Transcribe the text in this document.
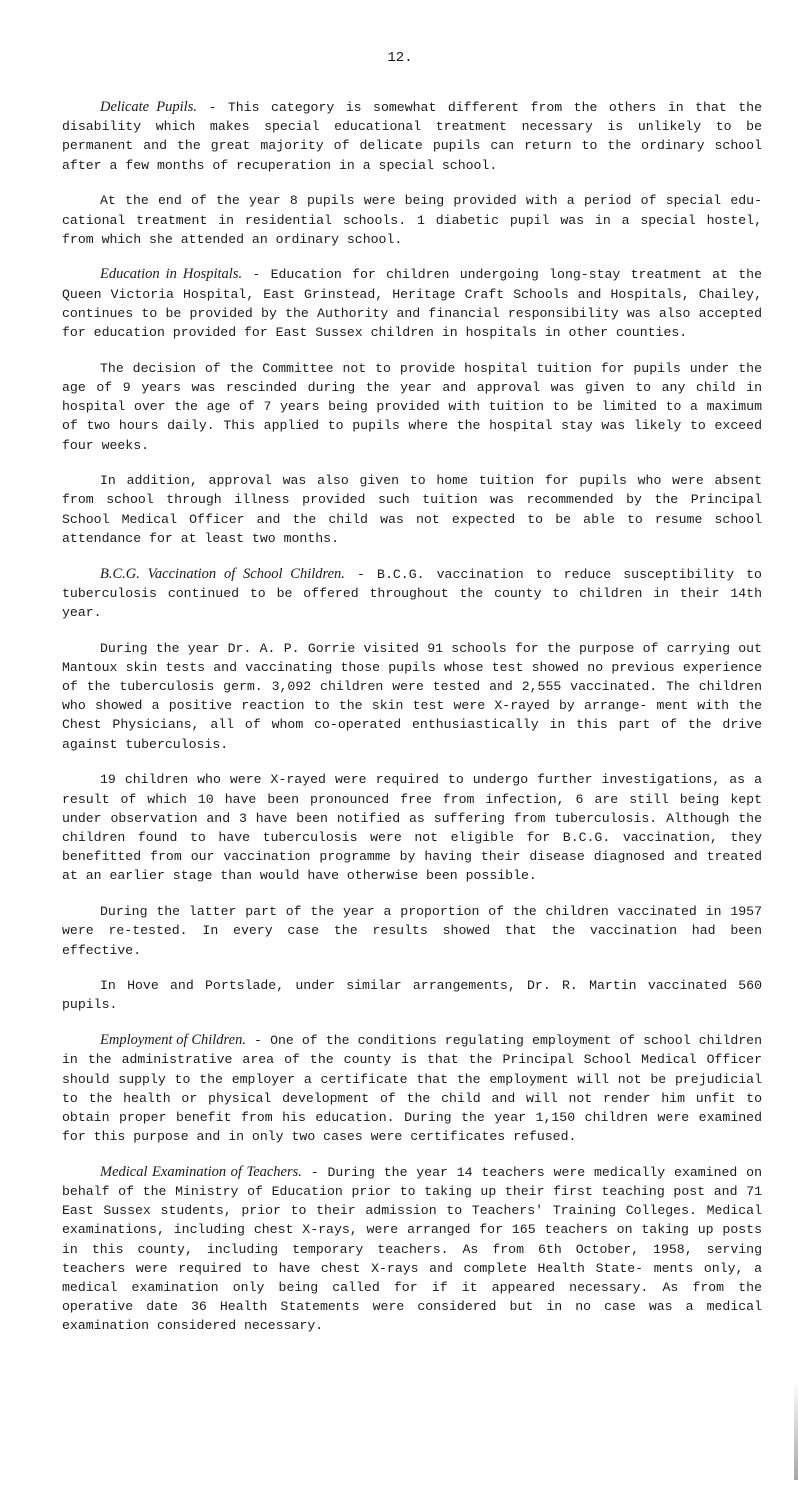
12.

Delicate Pupils. - This category is somewhat different from the others in that the disability which makes special educational treatment necessary is unlikely to be permanent and the great majority of delicate pupils can return to the ordinary school after a few months of recuperation in a special school.

At the end of the year 8 pupils were being provided with a period of special edu- cational treatment in residential schools. 1 diabetic pupil was in a special hostel, from which she attended an ordinary school.

Education in Hospitals. - Education for children undergoing long-stay treatment at the Queen Victoria Hospital, East Grinstead, Heritage Craft Schools and Hospitals, Chailey, continues to be provided by the Authority and financial responsibility was also accepted for education provided for East Sussex children in hospitals in other counties.

The decision of the Committee not to provide hospital tuition for pupils under the age of 9 years was rescinded during the year and approval was given to any child in hospital over the age of 7 years being provided with tuition to be limited to a maximum of two hours daily. This applied to pupils where the hospital stay was likely to exceed four weeks.

In addition, approval was also given to home tuition for pupils who were absent from school through illness provided such tuition was recommended by the Principal School Medical Officer and the child was not expected to be able to resume school attendance for at least two months.

B.C.G. Vaccination of School Children. - B.C.G. vaccination to reduce susceptibility to tuberculosis continued to be offered throughout the county to children in their 14th year.

During the year Dr. A. P. Gorrie visited 91 schools for the purpose of carrying out Mantoux skin tests and vaccinating those pupils whose test showed no previous experience of the tuberculosis germ. 3,092 children were tested and 2,555 vaccinated. The children who showed a positive reaction to the skin test were X-rayed by arrange- ment with the Chest Physicians, all of whom co-operated enthusiastically in this part of the drive against tuberculosis.

19 children who were X-rayed were required to undergo further investigations, as a result of which 10 have been pronounced free from infection, 6 are still being kept under observation and 3 have been notified as suffering from tuberculosis. Although the children found to have tuberculosis were not eligible for B.C.G. vaccination, they benefitted from our vaccination programme by having their disease diagnosed and treated at an earlier stage than would have otherwise been possible.

During the latter part of the year a proportion of the children vaccinated in 1957 were re-tested. In every case the results showed that the vaccination had been effective.

In Hove and Portslade, under similar arrangements, Dr. R. Martin vaccinated 560 pupils.

Employment of Children. - One of the conditions regulating employment of school children in the administrative area of the county is that the Principal School Medical Officer should supply to the employer a certificate that the employment will not be prejudicial to the health or physical development of the child and will not render him unfit to obtain proper benefit from his education. During the year 1,150 children were examined for this purpose and in only two cases were certificates refused.

Medical Examination of Teachers. - During the year 14 teachers were medically examined on behalf of the Ministry of Education prior to taking up their first teaching post and 71 East Sussex students, prior to their admission to Teachers' Training Colleges. Medical examinations, including chest X-rays, were arranged for 165 teachers on taking up posts in this county, including temporary teachers. As from 6th October, 1958, serving teachers were required to have chest X-rays and complete Health State- ments only, a medical examination only being called for if it appeared necessary. As from the operative date 36 Health Statements were considered but in no case was a medical examination considered necessary.
